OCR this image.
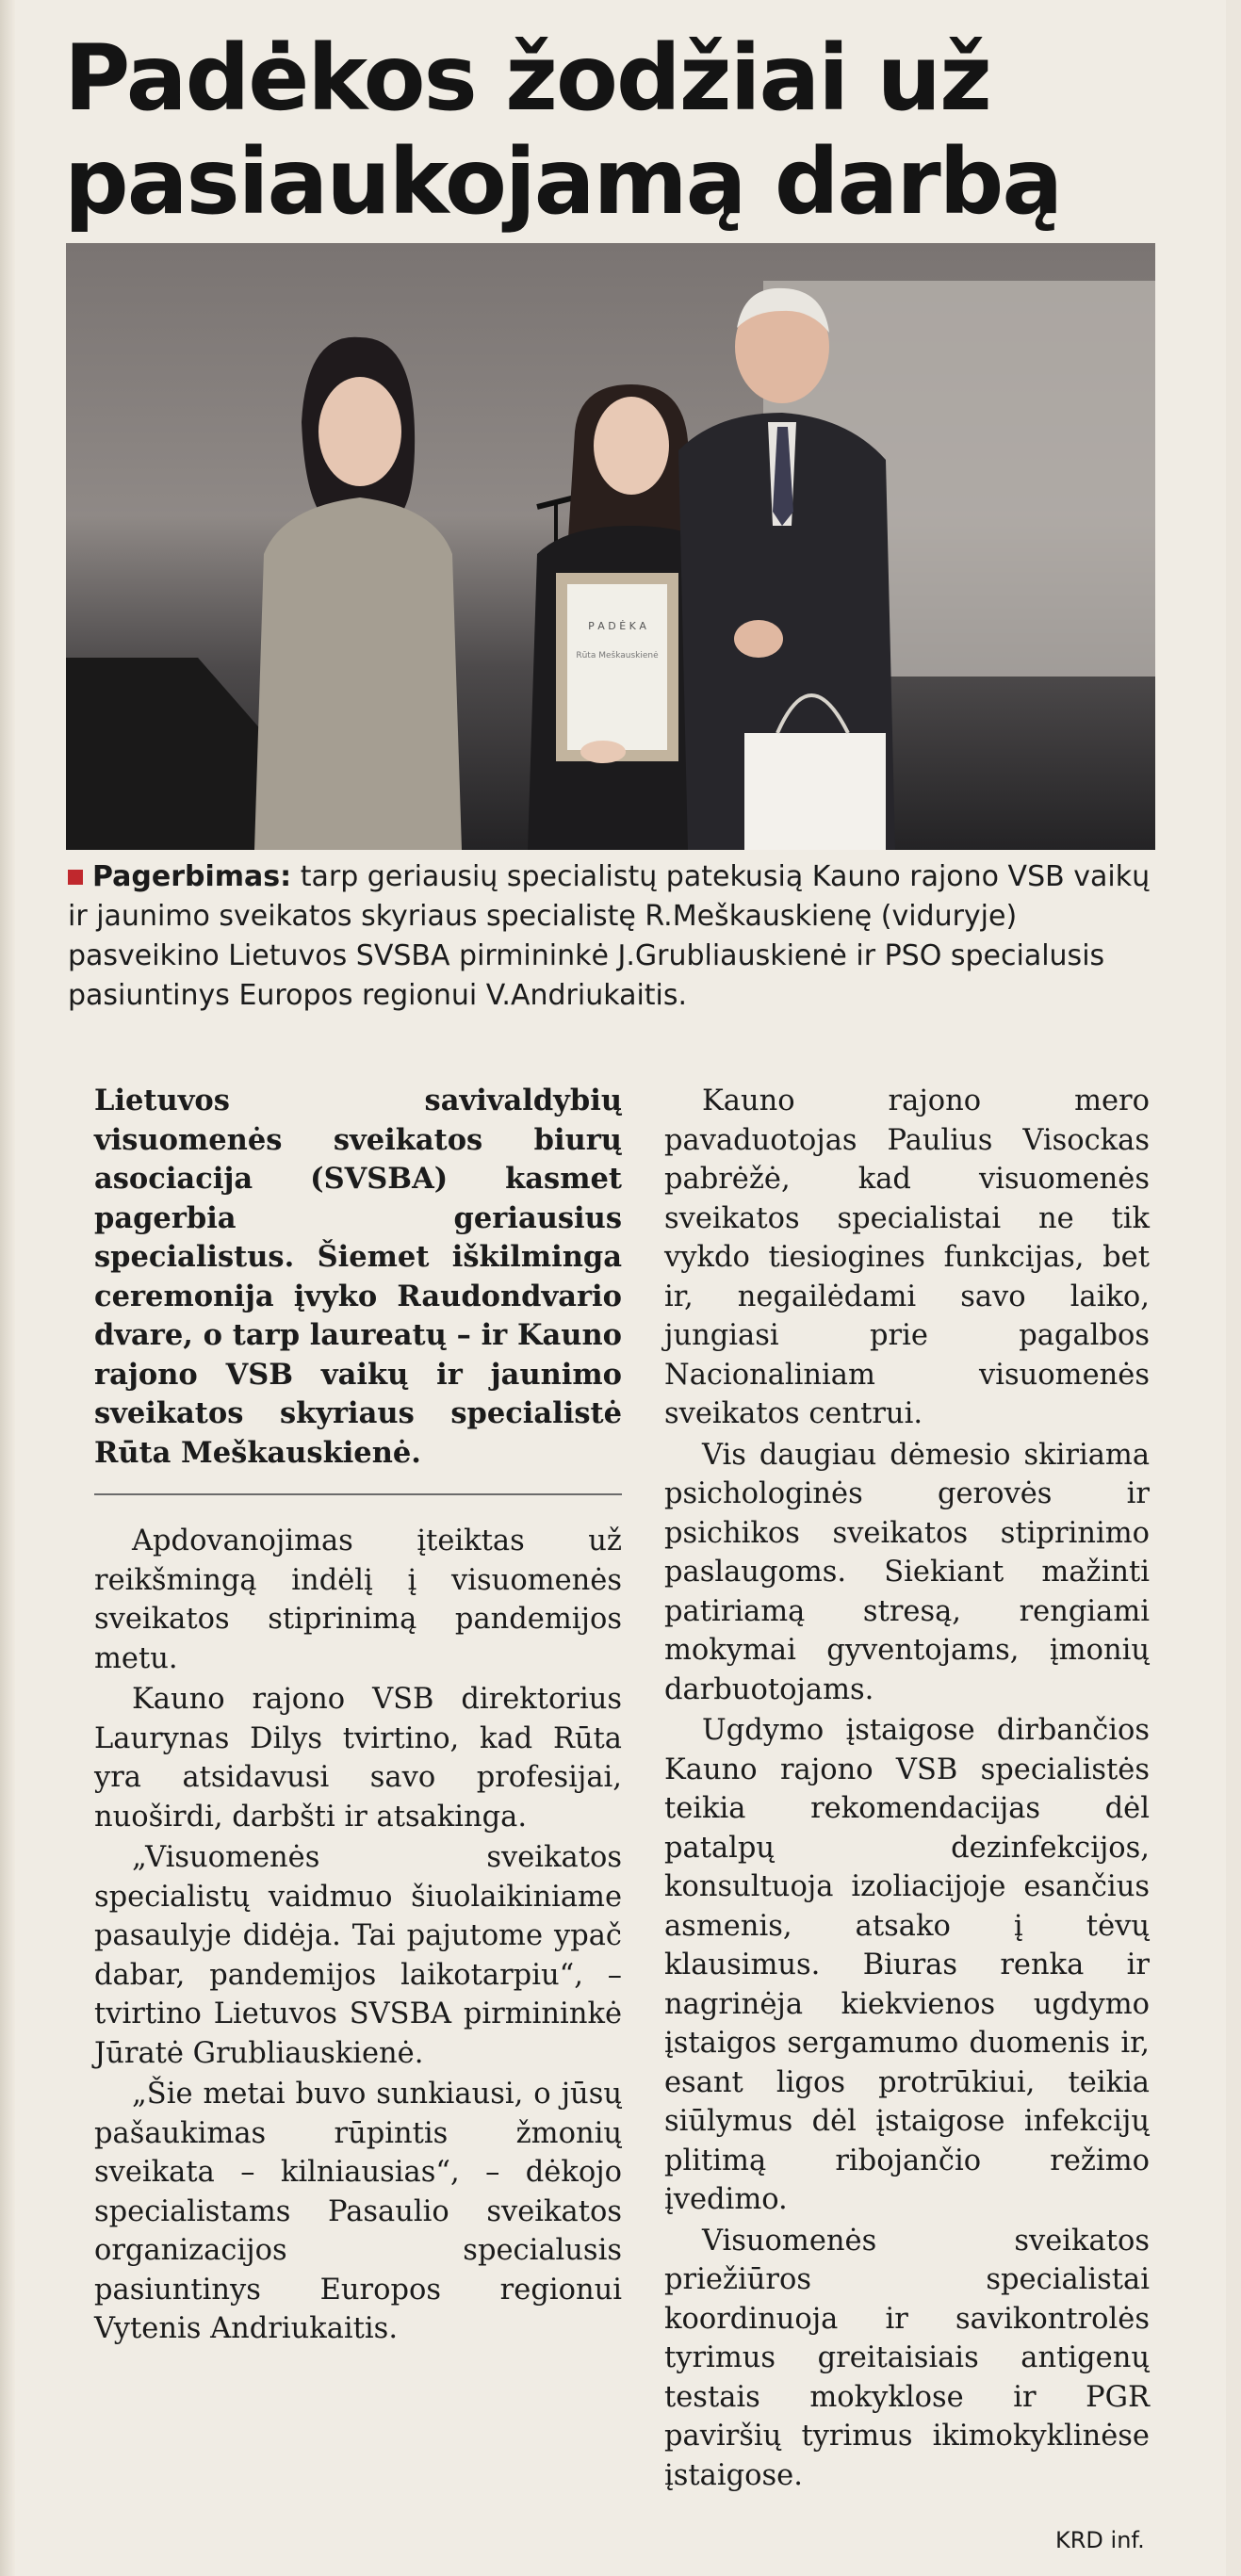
Padėkos žodžiai už
pasiaukojamą darbą
P A D Ė K A
Rūta Meškauskienė
Pagerbimas: tarp geriausių specialistų patekusią Kauno rajono VSB vaikų ir jaunimo sveikatos skyriaus specialistę R.Meškauskienę (viduryje) pasveikino Lietuvos SVSBA pirmininkė J.Grubliauskienė ir PSO specialusis pasiuntinys Europos regionui V.Andriukaitis.

Lietuvos savivaldybių visuomenės sveikatos biurų asociacija (SVSBA) kasmet pagerbia geriausius specialistus. Šiemet iškilminga ceremonija įvyko Raudondvario dvare, o tarp laureatų – ir Kauno rajono VSB vaikų ir jaunimo sveikatos skyriaus specialistė Rūta Meškauskienė.

Apdovanojimas įteiktas už reikšmingą indėlį į visuomenės sveikatos stiprinimą pandemijos metu.

Kauno rajono VSB direktorius Laurynas Dilys tvirtino, kad Rūta yra atsidavusi savo profesijai, nuoširdi, darbšti ir atsakinga.

„Visuomenės sveikatos specialistų vaidmuo šiuolaikiniame pasaulyje didėja. Tai pajutome ypač dabar, pandemijos laikotarpiu“, – tvirtino Lietuvos SVSBA pirmininkė Jūratė Grubliauskienė.

„Šie metai buvo sunkiausi, o jūsų pašaukimas rūpintis žmonių sveikata – kilniausias“, – dėkojo specialistams Pasaulio sveikatos organizacijos specialusis pasiuntinys Europos regionui Vytenis Andriukaitis.

Kauno rajono mero pavaduotojas Paulius Visockas pabrėžė, kad visuomenės sveikatos specialistai ne tik vykdo tiesiogines funkcijas, bet ir, negailėdami savo laiko, jungiasi prie pagalbos Nacionaliniam visuomenės sveikatos centrui.

Vis daugiau dėmesio skiriama psichologinės gerovės ir psichikos sveikatos stiprinimo paslaugoms. Siekiant mažinti patiriamą stresą, rengiami mokymai gyventojams, įmonių darbuotojams.

Ugdymo įstaigose dirbančios Kauno rajono VSB specialistės teikia rekomendacijas dėl patalpų dezinfekcijos, konsultuoja izoliacijoje esančius asmenis, atsako į tėvų klausimus. Biuras renka ir nagrinėja kiekvienos ugdymo įstaigos sergamumo duomenis ir, esant ligos protrūkiui, teikia siūlymus dėl įstaigose infekcijų plitimą ribojančio režimo įvedimo.

Visuomenės sveikatos priežiūros specialistai koordinuoja ir savikontrolės tyrimus greitaisiais antigenų testais mokyklose ir PGR paviršių tyrimus ikimokyklinėse įstaigose.

KRD inf.
